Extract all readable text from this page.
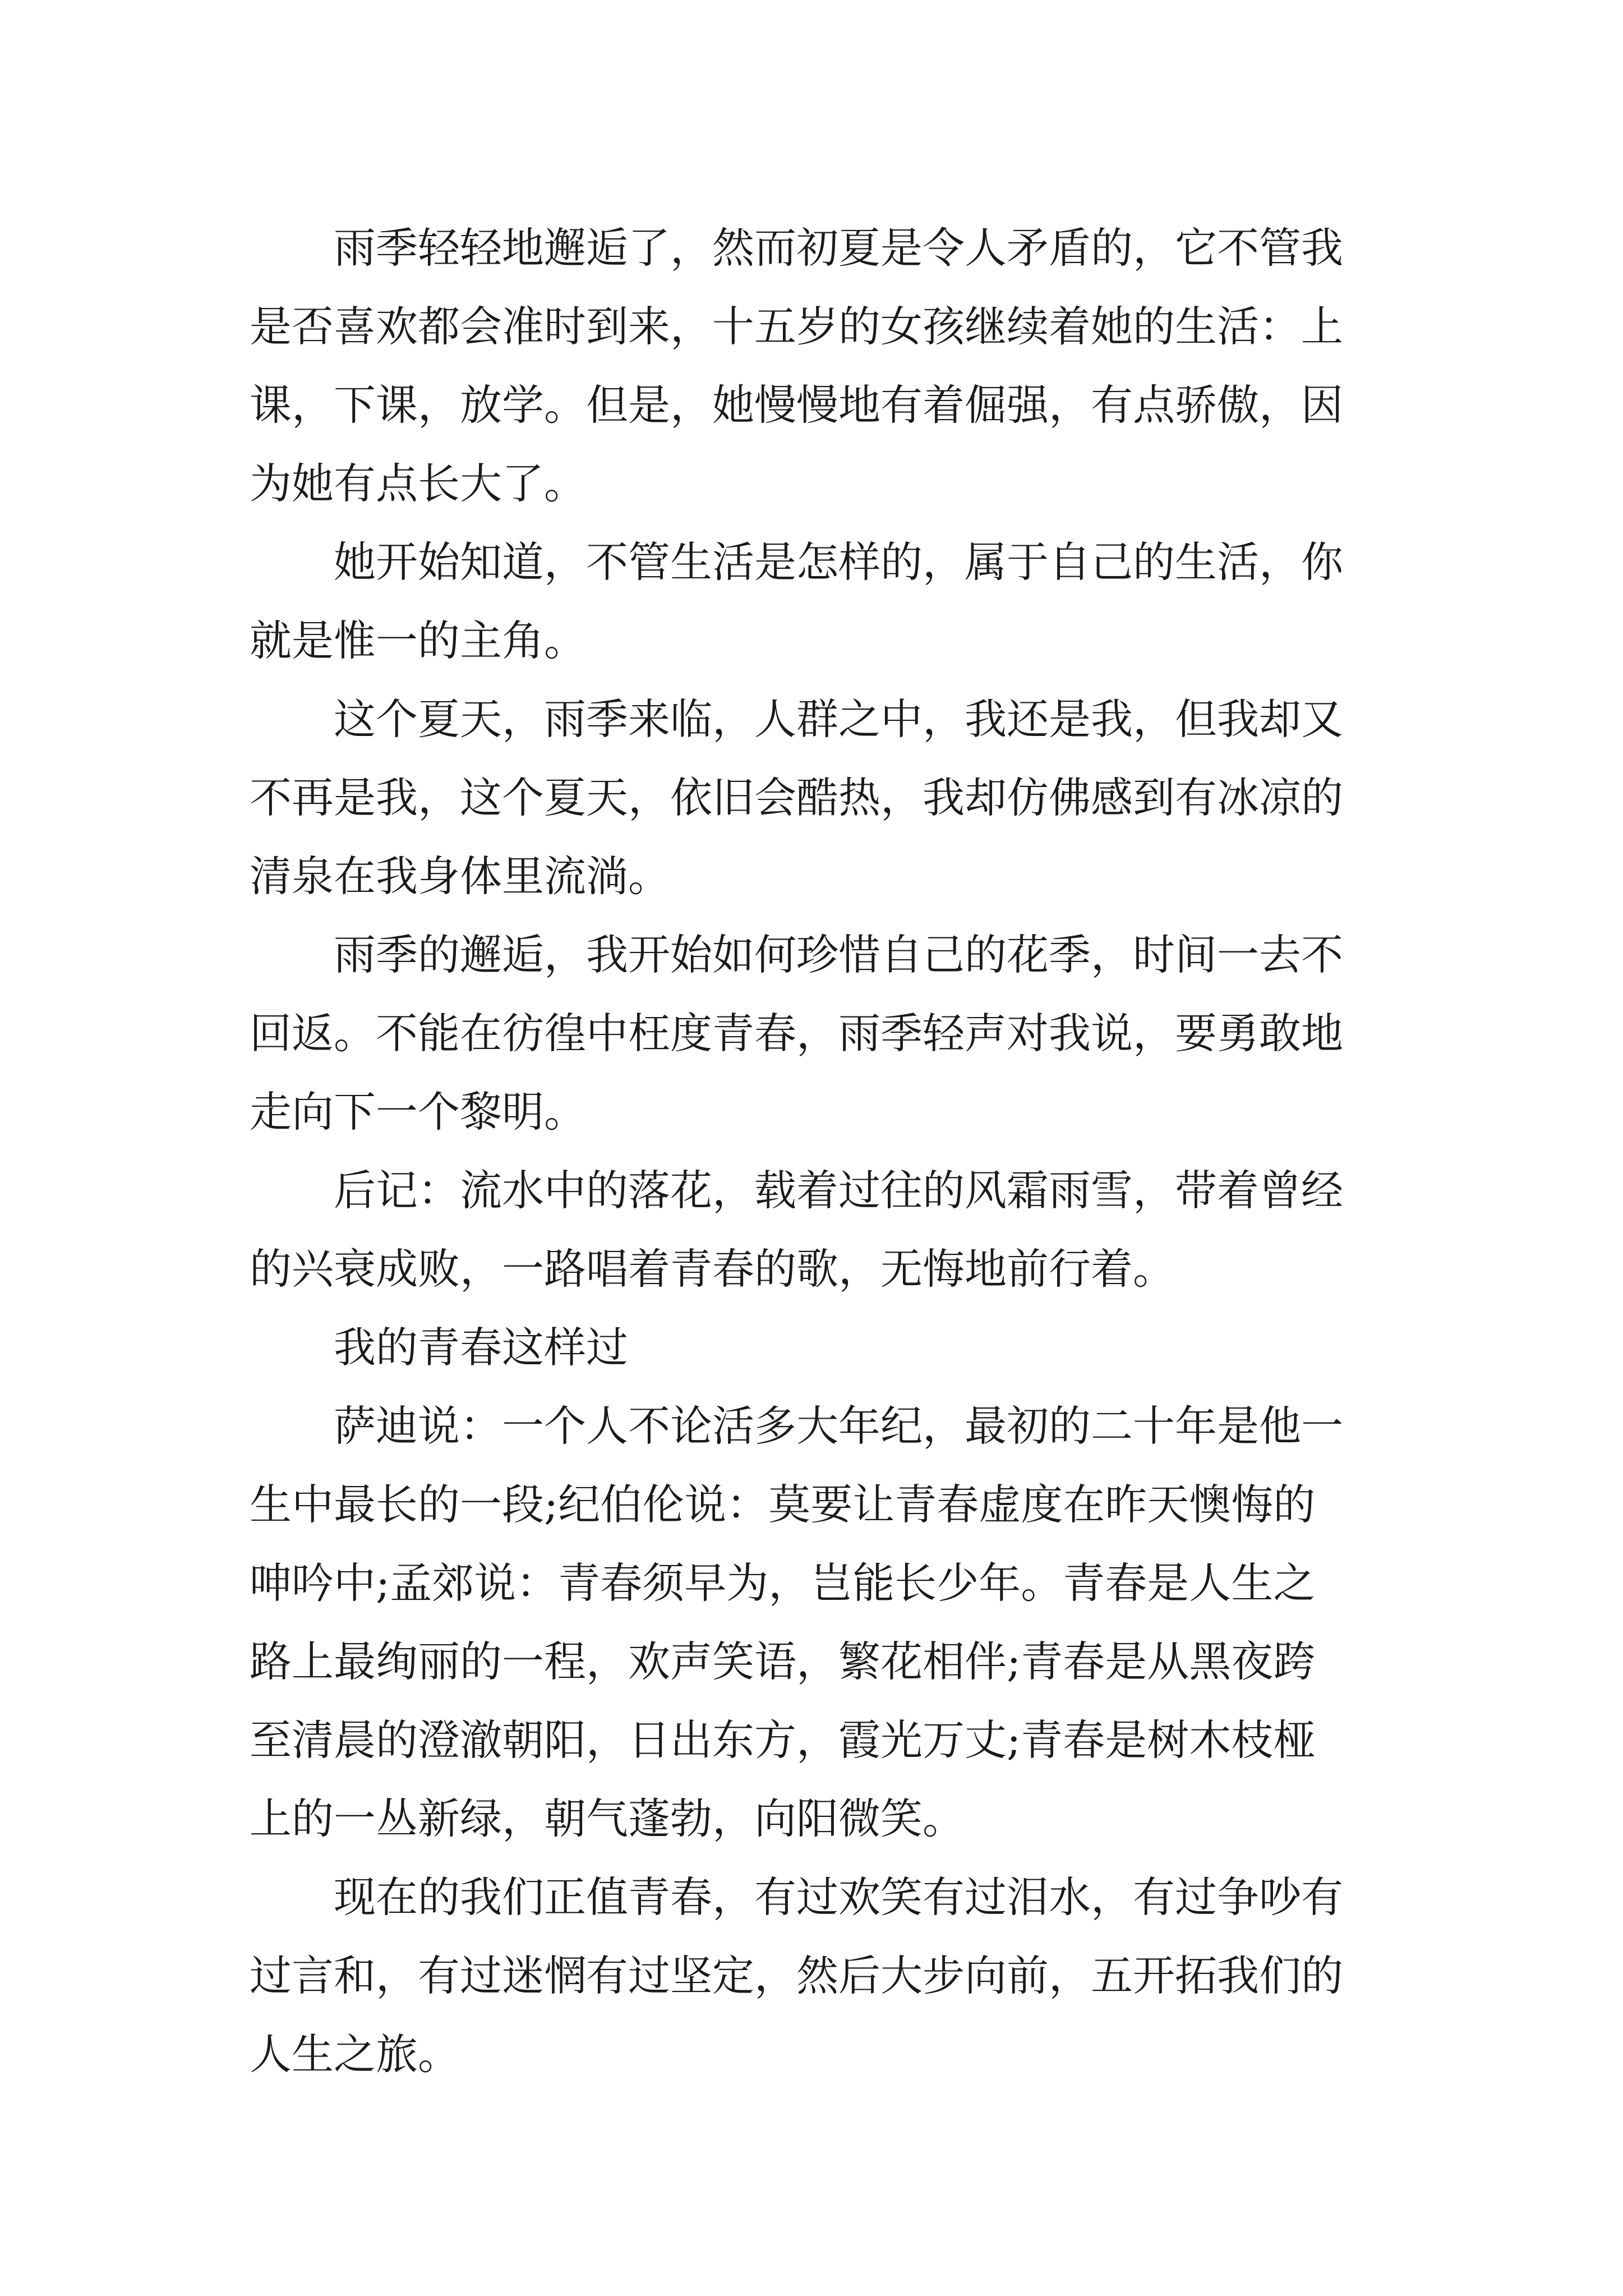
　　雨季轻轻地邂逅了，然而初夏是令人矛盾的，它不管我
是否喜欢都会准时到来，十五岁的女孩继续着她的生活：上
课，下课，放学。但是，她慢慢地有着倔强，有点骄傲，因
为她有点长大了。
　　她开始知道，不管生活是怎样的，属于自己的生活，你
就是惟一的主角。
　　这个夏天，雨季来临，人群之中，我还是我，但我却又
不再是我，这个夏天，依旧会酷热，我却仿佛感到有冰凉的
清泉在我身体里流淌。
　　雨季的邂逅，我开始如何珍惜自己的花季，时间一去不
回返。不能在彷徨中枉度青春，雨季轻声对我说，要勇敢地
走向下一个黎明。
　　后记：流水中的落花，载着过往的风霜雨雪，带着曾经
的兴衰成败，一路唱着青春的歌，无悔地前行着。
　　我的青春这样过
　　萨迪说：一个人不论活多大年纪，最初的二十年是他一
生中最长的一段;纪伯伦说：莫要让青春虚度在昨天懊悔的
呻吟中;孟郊说：青春须早为，岂能长少年。青春是人生之
路上最绚丽的一程，欢声笑语，繁花相伴;青春是从黑夜跨
至清晨的澄澈朝阳，日出东方，霞光万丈;青春是树木枝桠
上的一丛新绿，朝气蓬勃，向阳微笑。
　　现在的我们正值青春，有过欢笑有过泪水，有过争吵有
过言和，有过迷惘有过坚定，然后大步向前，五开拓我们的
人生之旅。
